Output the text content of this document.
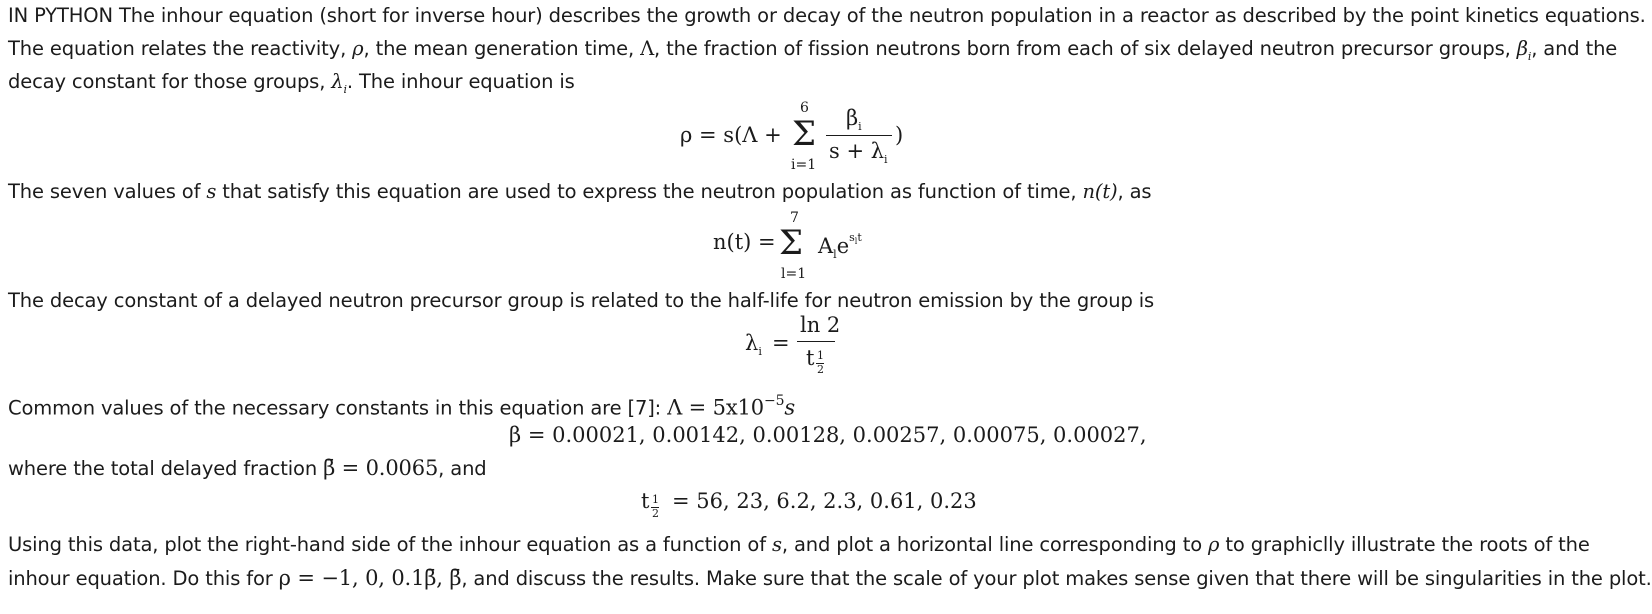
IN PYTHON The inhour equation (short for inverse hour) describes the growth or decay of the neutron population in a reactor as described by the point kinetics equations.
The equation relates the reactivity, ρ, the mean generation time, Λ, the fraction of fission neutrons born from each of six delayed neutron precursor groups, $\beta_i$, and the
decay constant for those groups, $\lambda_i$. The inhour equation is
ρ = s(Λ +
6
Σ
i=1
$\beta_i$
$s + \lambda_i$
)
The seven values of s that satisfy this equation are used to express the neutron population as function of time, n(t), as
n(t) =
7
Σ
l=1
$A_le^{s_lt}$
The decay constant of a delayed neutron precursor group is related to the half-life for neutron emission by the group is
$\lambda_i$ =
ln 2
t 1
2
Common values of the necessary constants in this equation are [7]: $\Lambda = 5x10^{-5}s$
β = 0.00021, 0.00142, 0.00128, 0.00257, 0.00075, 0.00027,
where the total delayed fraction β̄ = 0.0065, and
t 1
2
= 56, 23, 6.2, 2.3, 0.61, 0.23
Using this data, plot the right-hand side of the inhour equation as a function of s, and plot a horizontal line corresponding to ρ to graphiclly illustrate the roots of the
inhour equation. Do this for ρ = −1, 0, 0.1β̄, β̄, and discuss the results. Make sure that the scale of your plot makes sense given that there will be singularities in the plot.
